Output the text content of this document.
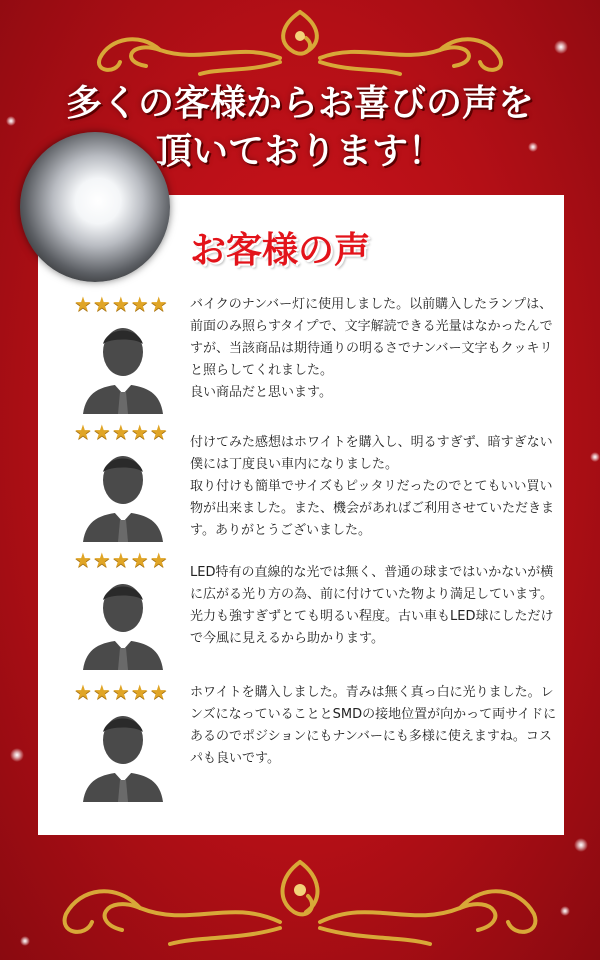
多くの客様からお喜びの声を
頂いております！
お客様の声
★★★★★ バイクのナンバー灯に使用しました。以前購入したランプは、前面のみ照らすタイプで、文字解読できる光量はなかったんですが、当該商品は期待通りの明るさでナンバー文字もクッキリと照らしてくれました。
良い商品だと思います。
★★★★★ 付けてみた感想はホワイトを購入し、明るすぎず、暗すぎない僕には丁度良い車内になりました。
取り付けも簡単でサイズもピッタリだったのでとてもいい買い物が出来ました。また、機会があればご利用させていただきます。ありがとうございました。
★★★★★
LED特有の直線的な光では無く、普通の球まではいかないが横に広がる光り方の為、前に付けていた物より満足しています。光力も強すぎずとても明るい程度。古い車もLED球にしただけで今風に見えるから助かります。
★★★★★ ホワイトを購入しました。青みは無く真っ白に光りました。レンズになっていることとSMDの接地位置が向かって両サイドにあるのでポジションにもナンバーにも多様に使えますね。コスパも良いです。
